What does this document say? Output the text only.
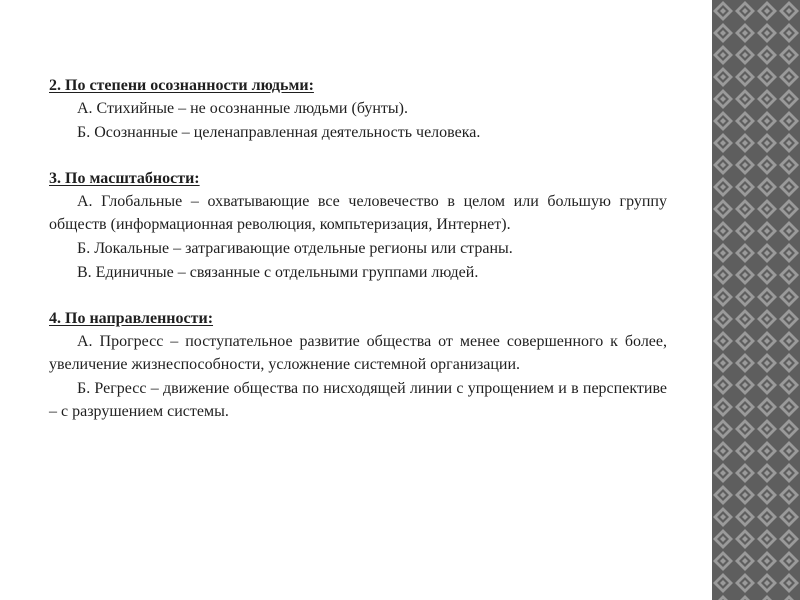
2. По степени осознанности людьми:

А. Стихийные – не осознанные людьми (бунты).

Б. Осознанные – целенаправленная деятельность человека.

3. По масштабности:

А. Глобальные – охватывающие все человечество в целом или большую группу обществ (информационная революция, компьтеризация, Интернет).

Б. Локальные – затрагивающие отдельные регионы или страны.

В. Единичные – связанные с отдельными группами людей.

4. По направленности:

А. Прогресс – поступательное развитие общества от менее совершенного к более, увеличение жизнеспособности, усложнение системной организации.

Б. Регресс – движение общества по нисходящей линии с упрощением и в перспективе – с разрушением системы.
